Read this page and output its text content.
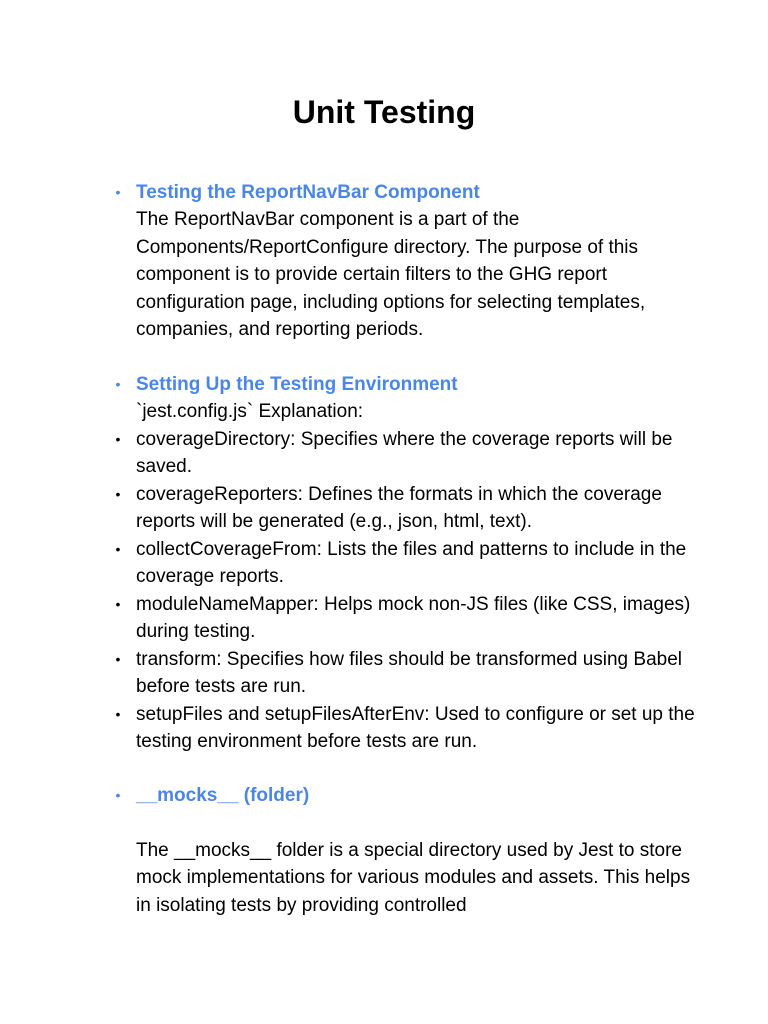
Unit Testing
• Testing the ReportNavBar Component
The ReportNavBar component is a part of the Components/ReportConfigure directory. The purpose of this component is to provide certain filters to the GHG report configuration page, including options for selecting templates, companies, and reporting periods.
• Setting Up the Testing Environment
`jest.config.js` Explanation:
• coverageDirectory: Specifies where the coverage reports will be saved.
• coverageReporters: Defines the formats in which the coverage reports will be generated (e.g., json, html, text).
• collectCoverageFrom: Lists the files and patterns to include in the coverage reports.
• moduleNameMapper: Helps mock non-JS files (like CSS, images) during testing.
• transform: Specifies how files should be transformed using Babel before tests are run.
• setupFiles and setupFilesAfterEnv: Used to configure or set up the testing environment before tests are run.
• __mocks__ (folder)
The __mocks__ folder is a special directory used by Jest to store mock implementations for various modules and assets. This helps in isolating tests by providing controlled
